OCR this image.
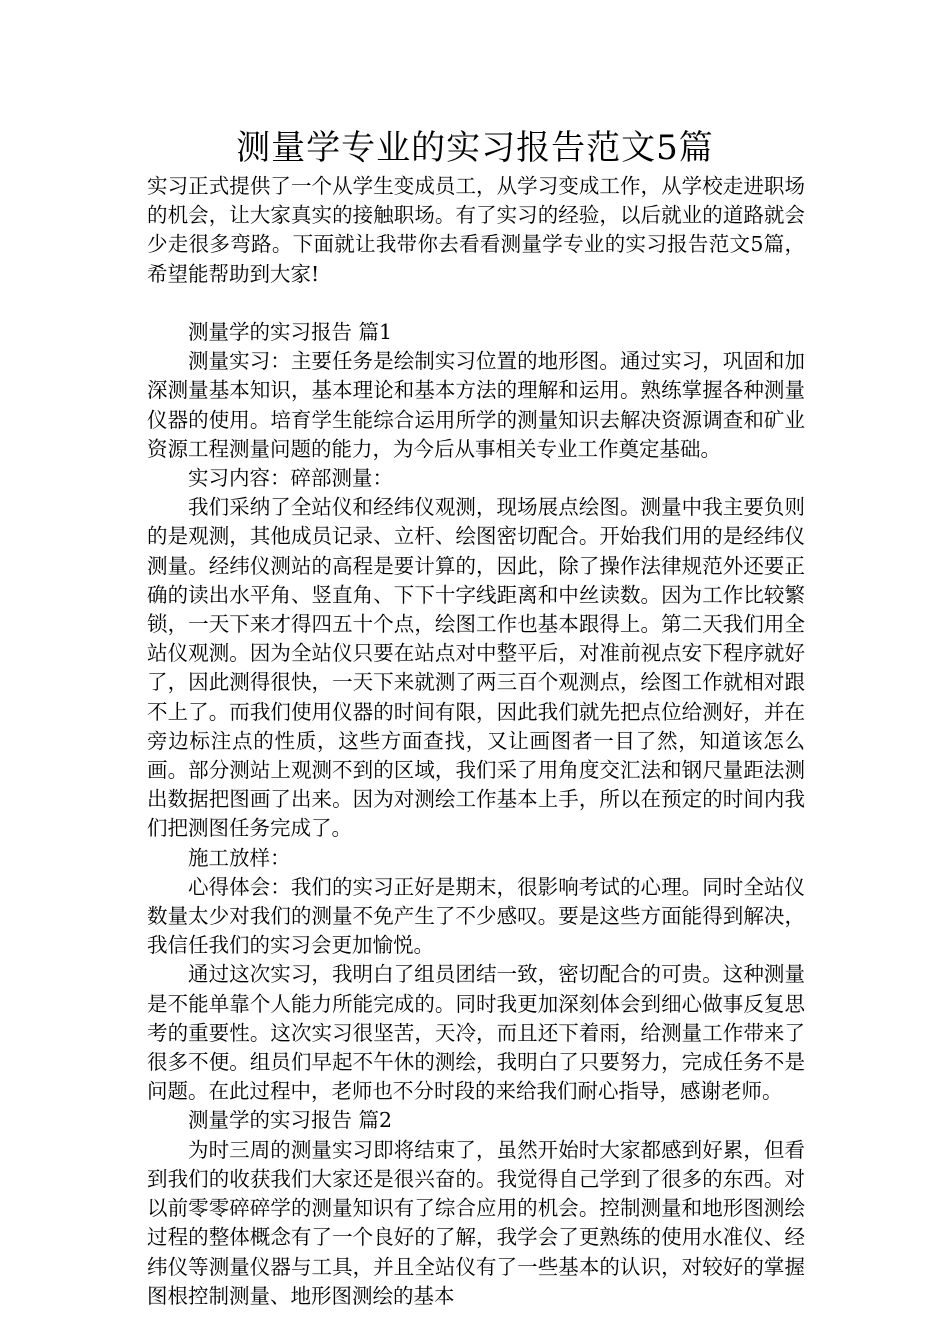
测量学专业的实习报告范文5篇

实习正式提供了一个从学生变成员工，从学习变成工作，从学校走进职场的机会，让大家真实的接触职场。有了实习的经验，以后就业的道路就会少走很多弯路。下面就让我带你去看看测量学专业的实习报告范文5篇，希望能帮助到大家!

测量学的实习报告 篇1

测量实习：主要任务是绘制实习位置的地形图。通过实习，巩固和加深测量基本知识，基本理论和基本方法的理解和运用。熟练掌握各种测量仪器的使用。培育学生能综合运用所学的测量知识去解决资源调查和矿业资源工程测量问题的能力，为今后从事相关专业工作奠定基础。

实习内容：碎部测量：

我们采纳了全站仪和经纬仪观测，现场展点绘图。测量中我主要负则的是观测，其他成员记录、立杆、绘图密切配合。开始我们用的是经纬仪测量。经纬仪测站的高程是要计算的，因此，除了操作法律规范外还要正确的读出水平角、竖直角、下下十字线距离和中丝读数。因为工作比较繁锁，一天下来才得四五十个点，绘图工作也基本跟得上。第二天我们用全站仪观测。因为全站仪只要在站点对中整平后，对准前视点安下程序就好了，因此测得很快，一天下来就测了两三百个观测点，绘图工作就相对跟不上了。而我们使用仪器的时间有限，因此我们就先把点位给测好，并在旁边标注点的性质，这些方面查找，又让画图者一目了然，知道该怎么画。部分测站上观测不到的区域，我们采了用角度交汇法和钢尺量距法测出数据把图画了出来。因为对测绘工作基本上手，所以在预定的时间内我们把测图任务完成了。

施工放样：

心得体会：我们的实习正好是期末，很影响考试的心理。同时全站仪数量太少对我们的测量不免产生了不少感叹。要是这些方面能得到解决，我信任我们的实习会更加愉悦。

通过这次实习，我明白了组员团结一致，密切配合的可贵。这种测量是不能单靠个人能力所能完成的。同时我更加深刻体会到细心做事反复思考的重要性。这次实习很坚苦，天冷，而且还下着雨，给测量工作带来了很多不便。组员们早起不午休的测绘，我明白了只要努力，完成任务不是问题。在此过程中，老师也不分时段的来给我们耐心指导，感谢老师。

测量学的实习报告 篇2

为时三周的测量实习即将结束了，虽然开始时大家都感到好累，但看到我们的收获我们大家还是很兴奋的。我觉得自己学到了很多的东西。对以前零零碎碎学的测量知识有了综合应用的机会。控制测量和地形图测绘过程的整体概念有了一个良好的了解，我学会了更熟练的使用水准仪、经纬仪等测量仪器与工具，并且全站仪有了一些基本的认识，对较好的掌握图根控制测量、地形图测绘的基本
